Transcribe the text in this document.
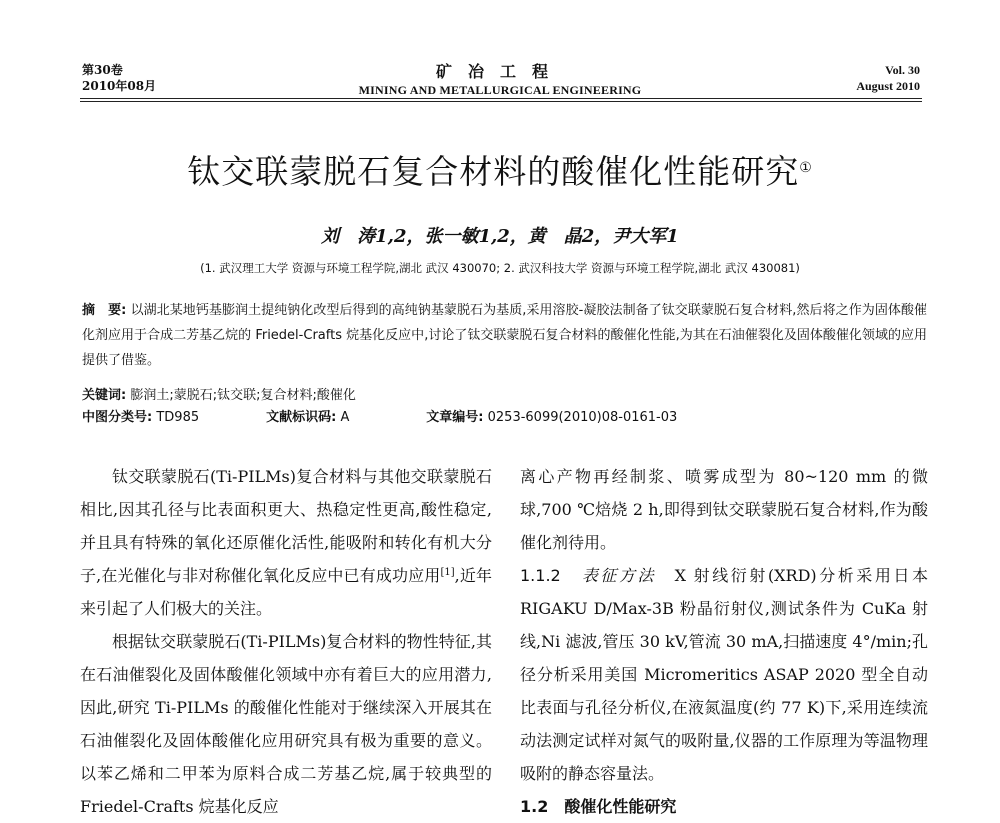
第30卷
2010年08月
矿冶工程
MINING AND METALLURGICAL ENGINEERING
Vol. 30
August 2010
钛交联蒙脱石复合材料的酸催化性能研究①
刘　涛1,2，张一敏1,2，黄　晶2，尹大军1
(1. 武汉理工大学 资源与环境工程学院,湖北 武汉 430070; 2. 武汉科技大学 资源与环境工程学院,湖北 武汉 430081)

摘　要: 以湖北某地钙基膨润土提纯钠化改型后得到的高纯钠基蒙脱石为基质,采用溶胶-凝胶法制备了钛交联蒙脱石复合材料,然后将之作为固体酸催化剂应用于合成二芳基乙烷的 Friedel-Crafts 烷基化反应中,讨论了钛交联蒙脱石复合材料的酸催化性能,为其在石油催裂化及固体酸催化领域的应用提供了借鉴。

关键词: 膨润土;蒙脱石;钛交联;复合材料;酸催化
中图分类号: TD985	文献标识码: A	文章编号: 0253-6099(2010)08-0161-03

钛交联蒙脱石(Ti-PILMs)复合材料与其他交联蒙脱石相比,因其孔径与比表面积更大、热稳定性更高,酸性稳定,并且具有特殊的氧化还原催化活性,能吸附和转化有机大分子,在光催化与非对称催化氧化反应中已有成功应用[1],近年来引起了人们极大的关注。

根据钛交联蒙脱石(Ti-PILMs)复合材料的物性特征,其在石油催裂化及固体酸催化领域中亦有着巨大的应用潜力,因此,研究 Ti-PILMs 的酸催化性能对于继续深入开展其在石油催裂化及固体酸催化应用研究具有极为重要的意义。以苯乙烯和二甲苯为原料合成二芳基乙烷,属于较典型的 Friedel-Crafts 烷基化反应

离心产物再经制浆、喷雾成型为 80~120 mm 的微球,700 ℃焙烧 2 h,即得到钛交联蒙脱石复合材料,作为酸催化剂待用。

1.1.2　 表征方法　 X 射线衍射(XRD)分析采用日本 RIGAKU D/Max-3B 粉晶衍射仪,测试条件为 CuKa 射线,Ni 滤波,管压 30 kV,管流 30 mA,扫描速度 4°/min;孔径分析采用美国 Micromeritics ASAP 2020 型全自动比表面与孔径分析仪,在液氮温度(约 77 K)下,采用连续流动法测定试样对氮气的吸附量,仪器的工作原理为等温物理吸附的静态容量法。

1.2　酸催化性能研究
